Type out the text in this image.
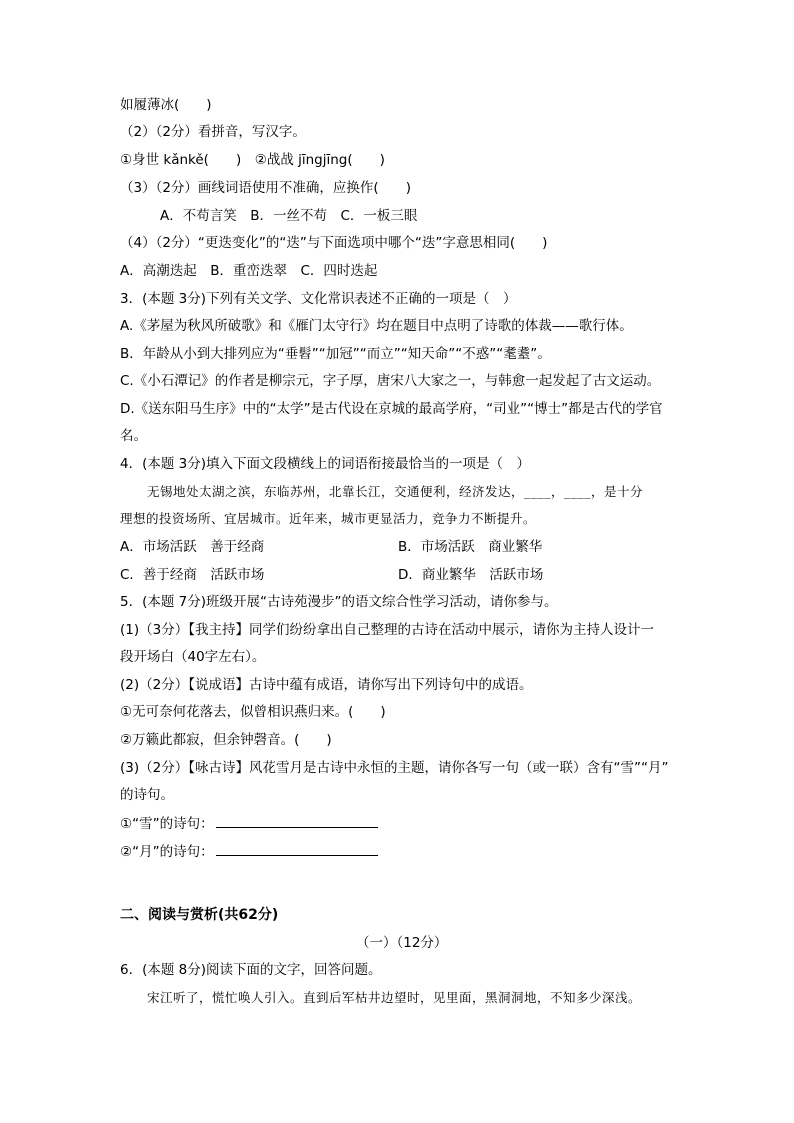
如履薄冰(　　)
（2）（2分）看拼音，写汉字。
①身世 kǎnkě(　　)　②战战 jīngjīng(　　)
（3）（2分）画线词语使用不准确，应换作(　　)
A．不苟言笑　B．一丝不苟　C．一板三眼
（4）（2分）“更迭变化”的“迭”与下面选项中哪个“迭”字意思相同(　　)
A．高潮迭起　B．重峦迭翠　C．四时迭起
3．(本题 3分)下列有关文学、文化常识表述不正确的一项是（　）
A.《茅屋为秋风所破歌》和《雁门太守行》均在题目中点明了诗歌的体裁——歌行体。
B．年龄从小到大排列应为“垂髫”“加冠”“而立”“知天命”“不惑”“耄耋”。
C.《小石潭记》的作者是柳宗元，字子厚，唐宋八大家之一，与韩愈一起发起了古文运动。
D.《送东阳马生序》中的“太学”是古代设在京城的最高学府，“司业”“博士”都是古代的学官
名。
4．(本题 3分)填入下面文段横线上的词语衔接最恰当的一项是（　）
无锡地处太湖之滨，东临苏州，北靠长江，交通便利，经济发达，____，____，是十分
理想的投资场所、宜居城市。近年来，城市更显活力，竞争力不断提升。
A．市场活跃　善于经商	B．市场活跃　商业繁华
C．善于经商　活跃市场	D．商业繁华　活跃市场
5．(本题 7分)班级开展“古诗苑漫步”的语文综合性学习活动，请你参与。
(1)（3分）【我主持】同学们纷纷拿出自己整理的古诗在活动中展示，请你为主持人设计一
段开场白（40字左右）。
(2)（2分）【说成语】古诗中蕴有成语，请你写出下列诗句中的成语。
①无可奈何花落去，似曾相识燕归来。(　　)
②万籁此都寂，但余钟磬音。(　　)
(3)（2分）【咏古诗】风花雪月是古诗中永恒的主题，请你各写一句（或一联）含有“雪”“月”
的诗句。
①“雪”的诗句：
②“月”的诗句：
二、阅读与赏析(共62分)
（一）（12分）
6．(本题 8分)阅读下面的文字，回答问题。
宋江听了，慌忙唤人引入。直到后军枯井边望时，见里面，黑洞洞地，不知多少深浅。
